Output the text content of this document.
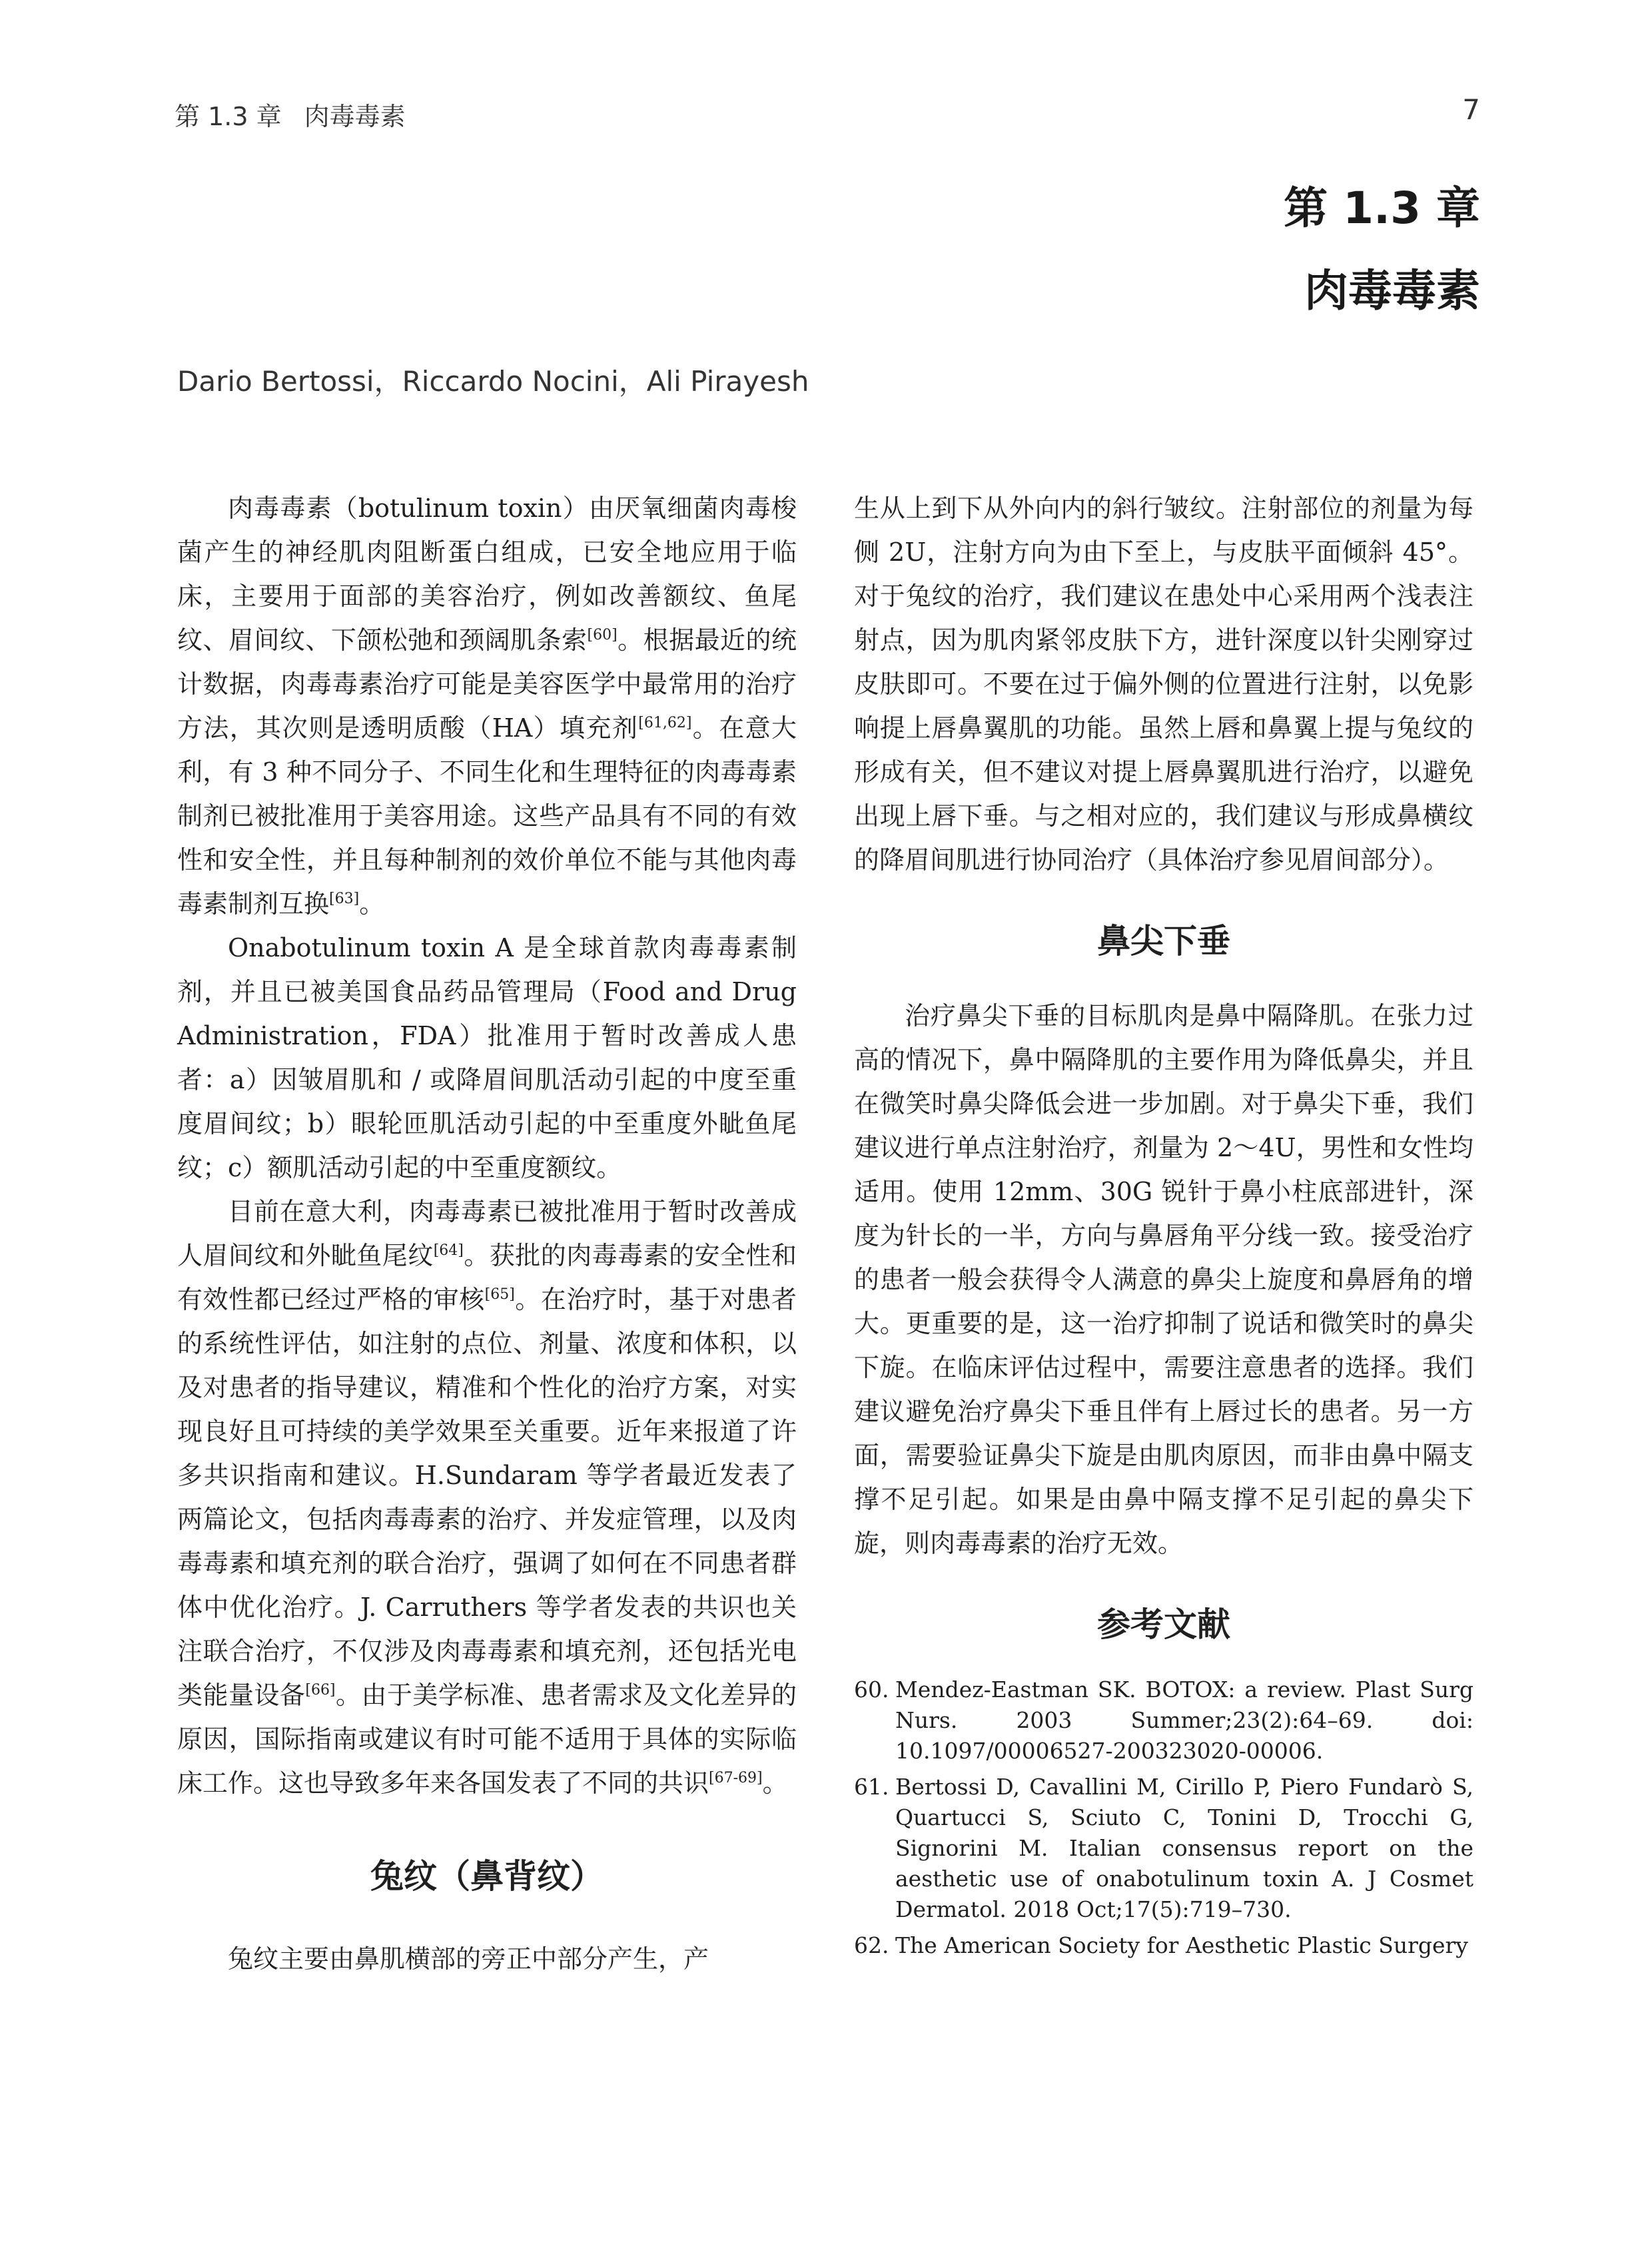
第 1.3 章 肉毒毒素	7
第 1.3 章
肉毒毒素
Dario Bertossi，Riccardo Nocini，Ali Pirayesh

肉毒毒素（botulinum toxin）由厌氧细菌肉毒梭菌产生的神经肌肉阻断蛋白组成，已安全地应用于临床，主要用于面部的美容治疗，例如改善额纹、鱼尾纹、眉间纹、下颌松弛和颈阔肌条索[60]。根据最近的统计数据，肉毒毒素治疗可能是美容医学中最常用的治疗方法，其次则是透明质酸（HA）填充剂[61,62]。在意大利，有 3 种不同分子、不同生化和生理特征的肉毒毒素制剂已被批准用于美容用途。这些产品具有不同的有效性和安全性，并且每种制剂的效价单位不能与其他肉毒毒素制剂互换[63]。

Onabotulinum toxin A 是全球首款肉毒毒素制剂，并且已被美国食品药品管理局（Food and Drug Administration，FDA）批准用于暂时改善成人患者：a）因皱眉肌和 / 或降眉间肌活动引起的中度至重度眉间纹；b）眼轮匝肌活动引起的中至重度外眦鱼尾纹；c）额肌活动引起的中至重度额纹。

目前在意大利，肉毒毒素已被批准用于暂时改善成人眉间纹和外眦鱼尾纹[64]。获批的肉毒毒素的安全性和有效性都已经过严格的审核[65]。在治疗时，基于对患者的系统性评估，如注射的点位、剂量、浓度和体积，以及对患者的指导建议，精准和个性化的治疗方案，对实现良好且可持续的美学效果至关重要。近年来报道了许多共识指南和建议。H.Sundaram 等学者最近发表了两篇论文，包括肉毒毒素的治疗、并发症管理，以及肉毒毒素和填充剂的联合治疗，强调了如何在不同患者群体中优化治疗。J. Carruthers 等学者发表的共识也关注联合治疗，不仅涉及肉毒毒素和填充剂，还包括光电类能量设备[66]。由于美学标准、患者需求及文化差异的原因，国际指南或建议有时可能不适用于具体的实际临床工作。这也导致多年来各国发表了不同的共识[67-69]。

兔纹（鼻背纹）

兔纹主要由鼻肌横部的旁正中部分产生，产

生从上到下从外向内的斜行皱纹。注射部位的剂量为每侧 2U，注射方向为由下至上，与皮肤平面倾斜 45°。对于兔纹的治疗，我们建议在患处中心采用两个浅表注射点，因为肌肉紧邻皮肤下方，进针深度以针尖刚穿过皮肤即可。不要在过于偏外侧的位置进行注射，以免影响提上唇鼻翼肌的功能。虽然上唇和鼻翼上提与兔纹的形成有关，但不建议对提上唇鼻翼肌进行治疗，以避免出现上唇下垂。与之相对应的，我们建议与形成鼻横纹的降眉间肌进行协同治疗（具体治疗参见眉间部分）。

鼻尖下垂

治疗鼻尖下垂的目标肌肉是鼻中隔降肌。在张力过高的情况下，鼻中隔降肌的主要作用为降低鼻尖，并且在微笑时鼻尖降低会进一步加剧。对于鼻尖下垂，我们建议进行单点注射治疗，剂量为 2～4U，男性和女性均适用。使用 12mm、30G 锐针于鼻小柱底部进针，深度为针长的一半，方向与鼻唇角平分线一致。接受治疗的患者一般会获得令人满意的鼻尖上旋度和鼻唇角的增大。更重要的是，这一治疗抑制了说话和微笑时的鼻尖下旋。在临床评估过程中，需要注意患者的选择。我们建议避免治疗鼻尖下垂且伴有上唇过长的患者。另一方面，需要验证鼻尖下旋是由肌肉原因，而非由鼻中隔支撑不足引起。如果是由鼻中隔支撑不足引起的鼻尖下旋，则肉毒毒素的治疗无效。

参考文献
60. Mendez-Eastman SK. BOTOX: a review. Plast Surg Nurs. 2003 Summer;23(2):64–69. doi: 10.1097/00006527-200323020-00006.
61. Bertossi D, Cavallini M, Cirillo P, Piero Fundarò S, Quartucci S, Sciuto C, Tonini D, Trocchi G, Signorini M. Italian consensus report on the aesthetic use of onabotulinum toxin A. J Cosmet Dermatol. 2018 Oct;17(5):719–730.
62. The American Society for Aesthetic Plastic Surgery
